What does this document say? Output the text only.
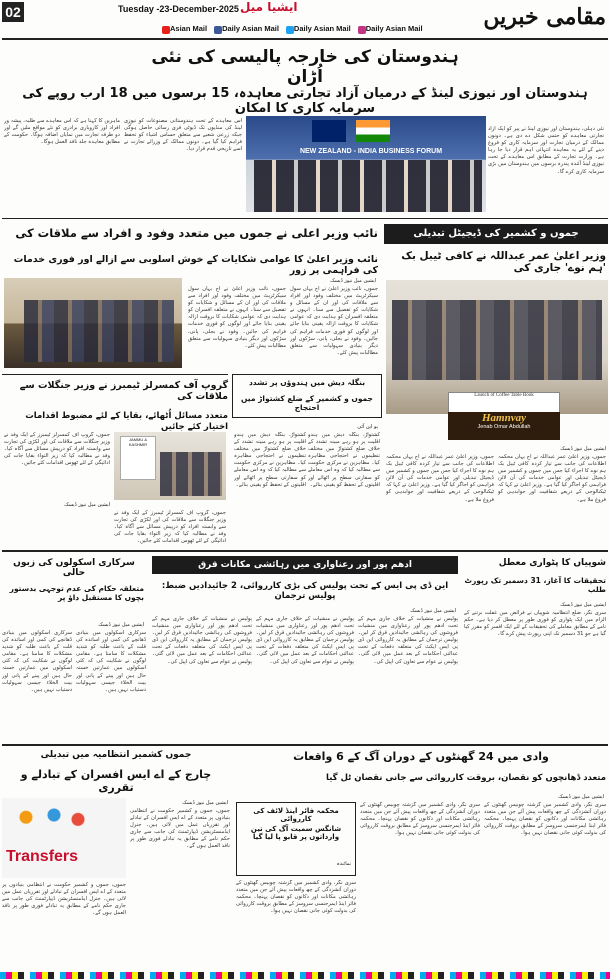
02	Tuesday -23-December-2025 ایشیا میل	مقامی خبریں
Asian Mail	Daily Asian Mail	Daily Asian Mail	Daily Asian Mail
ہندوستان کی خارجہ پالیسی کی نئی اُڑان
ہندوستان اور نیوزی لینڈ کے درمیان آزاد تجارتی معاہدہ، 15 برسوں میں 18 ارب روپے کی سرمایہ کاری کا امکان
نئی دہلی، ہندوستان اور نیوزی لینڈ نے پیر کو ایک آزاد تجارتی معاہدے کو حتمی شکل دے دی ہے۔ دونوں ممالک کے درمیان تجارت اور سرمایہ کاری کو فروغ دینے کے لئے یہ معاہدہ انتہائی اہم قرار دیا جا رہا ہے۔ وزارت تجارت کے مطابق اس معاہدے کے تحت نیوزی لینڈ آئندہ پندرہ برسوں میں ہندوستان میں بڑی سرمایہ کاری کرے گا۔
NEW ZEALAND - INDIA BUSINESS FORUM
اس معاہدے کے تحت ہندوستانی مصنوعات کو نیوزی لینڈ کی منڈیوں تک ڈیوٹی فری رسائی حاصل ہوگی جبکہ زرعی شعبے سے متعلق حساس اشیاء کو تحفظ فراہم کیا گیا ہے۔ دونوں ممالک کے وزرائے تجارت نے اسے تاریخی قدم قرار دیا۔
ماہرین کا کہنا ہے کہ اس معاہدے سے طلبہ، پیشہ ور افراد اور کاروباری برادری کو نئے مواقع ملیں گے اور دو طرفہ تجارت میں نمایاں اضافہ ہوگا۔ حکومت کے مطابق معاہدہ جلد نافذ العمل ہوگا۔
نائب وزیر اعلی نے جموں میں متعدد وفود و افراد سے ملاقات کی
نائب وزیر اعلیٰ کا عوامی شکایات کے خوش اسلوبی سے ازالے اور فوری خدمات کی فراہمی پر زور
ایشین میل نیوز ڈیسک
جموں، نائب وزیر اعلیٰ نے آج یہاں سول سیکرٹریٹ میں مختلف وفود اور افراد سے ملاقات کی اور ان کے مسائل و شکایات کو تفصیل سے سنا۔ انہوں نے متعلقہ افسران کو ہدایت دی کہ عوامی شکایات کا بروقت ازالہ یقینی بنایا جائے اور لوگوں کو فوری خدمات فراہم کی جائیں۔ وفود نے بجلی، پانی، سڑکوں اور دیگر بنیادی سہولیات سے متعلق مطالبات پیش کئے۔
جموں، نائب وزیر اعلیٰ نے آج یہاں سول سیکرٹریٹ میں مختلف وفود اور افراد سے ملاقات کی اور ان کے مسائل و شکایات کو تفصیل سے سنا۔ انہوں نے متعلقہ افسران کو ہدایت دی کہ عوامی شکایات کا بروقت ازالہ یقینی بنایا جائے اور لوگوں کو فوری خدمات فراہم کی جائیں۔ وفود نے بجلی، پانی، سڑکوں اور دیگر بنیادی سہولیات سے متعلق مطالبات پیش کئے۔
جموں و کشمیر کی ڈیجیٹل تبدیلی
وزیر اعلیٰ عمر عبداللہ نے کافی ٹیبل بک 'ہم نوے' جاری کی
Launch of Coffee Table Book
Hamnvay
Jenab Omar Abdullah
ایشین میل نیوز ڈیسک
جموں، وزیر اعلیٰ عمر عبداللہ نے آج یہاں محکمہ اطلاعات کی جانب سے تیار کردہ کافی ٹیبل بک ہم نوے کا اجراء کیا جس میں جموں و کشمیر میں ڈیجیٹل تبدیلی اور عوامی خدمات کی آن لائن فراہمی کو اجاگر کیا گیا ہے۔ وزیر اعلیٰ نے کہا کہ ٹیکنالوجی کے ذریعے شفافیت اور جوابدہی کو فروغ ملا ہے۔
جموں، وزیر اعلیٰ عمر عبداللہ نے آج یہاں محکمہ اطلاعات کی جانب سے تیار کردہ کافی ٹیبل بک ہم نوے کا اجراء کیا جس میں جموں و کشمیر میں ڈیجیٹل تبدیلی اور عوامی خدمات کی آن لائن فراہمی کو اجاگر کیا گیا ہے۔ وزیر اعلیٰ نے کہا کہ ٹیکنالوجی کے ذریعے شفافیت اور جوابدہی کو فروغ ملا ہے۔
گروپ آف کمسرلز ٹیمبرز نے وزیر جنگلات سے ملاقات کی
متعدد مسائل اُٹھائے، بقایا کے لئے مضبوط اقدامات اختیار کئے جائیں
JAMMU & KASHMIR
ایشین میل نیوز ڈیسک
جموں، گروپ آف کمسرلز ٹیمبرز کے ایک وفد نے وزیر جنگلات سے ملاقات کی اور لکڑی کی تجارت سے وابستہ افراد کو درپیش مسائل سے آگاہ کیا۔ وفد نے مطالبہ کیا کہ زیر التواء بقایا جات کی ادائیگی کے لئے ٹھوس اقدامات کئے جائیں۔
جموں، گروپ آف کمسرلز ٹیمبرز کے ایک وفد نے وزیر جنگلات سے ملاقات کی اور لکڑی کی تجارت سے وابستہ افراد کو درپیش مسائل سے آگاہ کیا۔ وفد نے مطالبہ کیا کہ زیر التواء بقایا جات کی ادائیگی کے لئے ٹھوس اقدامات کئے جائیں۔
بنگلہ دیش میں ہندوؤں پر تشدد
جموں و کشمیر کے ضلع کشتواڑ میں احتجاج
یو این آئی
کشتواڑ، بنگلہ دیش میں ہندو اقلیت پر ہو رہے مبینہ تشدد کے خلاف ضلع کشتواڑ میں مختلف تنظیموں نے احتجاجی مظاہرہ کیا۔ مظاہرین نے مرکزی حکومت سے مطالبہ کیا کہ وہ اس معاملے کو سفارتی سطح پر اٹھائے اور اقلیتوں کے تحفظ کو یقینی بنائے۔
کشتواڑ، بنگلہ دیش میں ہندو اقلیت پر ہو رہے مبینہ تشدد کے خلاف ضلع کشتواڑ میں مختلف تنظیموں نے احتجاجی مظاہرہ کیا۔ مظاہرین نے مرکزی حکومت سے مطالبہ کیا کہ وہ اس معاملے کو سفارتی سطح پر اٹھائے اور اقلیتوں کے تحفظ کو یقینی بنائے۔
سرکاری اسکولوں کی زبوں حالی
متعلقہ حکام کی عدم توجہی بدستور بچوں کا مستقبل داؤ پر
ایشین میل نیوز ڈیسک
سرکاری اسکولوں میں بنیادی ڈھانچے کی کمی اور اساتذہ کی قلت کے باعث طلبہ کو شدید مشکلات کا سامنا ہے۔ مقامی لوگوں نے شکایت کی کہ کئی اسکولوں میں عمارتیں خستہ حال ہیں اور پینے کے پانی اور بیت الخلاء جیسی سہولیات دستیاب نہیں ہیں۔
سرکاری اسکولوں میں بنیادی ڈھانچے کی کمی اور اساتذہ کی قلت کے باعث طلبہ کو شدید مشکلات کا سامنا ہے۔ مقامی لوگوں نے شکایت کی کہ کئی اسکولوں میں عمارتیں خستہ حال ہیں اور پینے کے پانی اور بیت الخلاء جیسی سہولیات دستیاب نہیں ہیں۔
ادھم پور اور رعناواری میں رہائشی مکانات قرق
این ڈی پی ایس کے تحت پولیس کی بڑی کارروائی، 2 جائیدادیں ضبط: پولیس ترجمان
ایشین میل نیوز ڈیسک
پولیس نے منشیات کے خلاف جاری مہم کے تحت ادھم پور اور رعناواری میں منشیات فروشوں کی رہائشی جائیدادیں قرق کر لیں۔ پولیس ترجمان کے مطابق یہ کارروائی این ڈی پی ایس ایکٹ کی متعلقہ دفعات کے تحت عدالتی احکامات کے بعد عمل میں لائی گئی۔ پولیس نے عوام سے تعاون کی اپیل کی۔
پولیس نے منشیات کے خلاف جاری مہم کے تحت ادھم پور اور رعناواری میں منشیات فروشوں کی رہائشی جائیدادیں قرق کر لیں۔ پولیس ترجمان کے مطابق یہ کارروائی این ڈی پی ایس ایکٹ کی متعلقہ دفعات کے تحت عدالتی احکامات کے بعد عمل میں لائی گئی۔ پولیس نے عوام سے تعاون کی اپیل کی۔
پولیس نے منشیات کے خلاف جاری مہم کے تحت ادھم پور اور رعناواری میں منشیات فروشوں کی رہائشی جائیدادیں قرق کر لیں۔ پولیس ترجمان کے مطابق یہ کارروائی این ڈی پی ایس ایکٹ کی متعلقہ دفعات کے تحت عدالتی احکامات کے بعد عمل میں لائی گئی۔ پولیس نے عوام سے تعاون کی اپیل کی۔
شوپیاں کا پٹواری معطل
تحقیقات کا آغاز، 31 دسمبر تک رپورٹ طلب
ایشین میل نیوز ڈیسک
سری نگر، ضلع انتظامیہ شوپیاں نے فرائض میں غفلت برتنے کے الزام میں ایک پٹواری کو فوری طور پر معطل کر دیا ہے۔ حکم نامے کے مطابق معاملے کی تحقیقات کے لئے ایک افسر کو مقرر کیا گیا ہے جو 31 دسمبر تک اپنی رپورٹ پیش کرے گا۔
جموں کشمیر انتظامیہ میں تبدیلی
چارج کے اے ایس افسران کے تبادلے و تقرری
Transfers
ایشین میل نیوز ڈیسک
جموں، جموں و کشمیر حکومت نے انتظامی بنیادوں پر متعدد کے اے ایس افسران کے تبادلے اور تقرریاں عمل میں لائی ہیں۔ جنرل ایڈمنسٹریشن ڈیپارٹمنٹ کی جانب سے جاری حکم نامے کے مطابق یہ تبادلے فوری طور پر نافذ العمل ہوں گے۔
جموں، جموں و کشمیر حکومت نے انتظامی بنیادوں پر متعدد کے اے ایس افسران کے تبادلے اور تقرریاں عمل میں لائی ہیں۔ جنرل ایڈمنسٹریشن ڈیپارٹمنٹ کی جانب سے جاری حکم نامے کے مطابق یہ تبادلے فوری طور پر نافذ العمل ہوں گے۔
وادی میں 24 گھنٹوں کے دوران آگ کے 6 واقعات
متعدد ڈھانچوں کو نقصان، بروقت کارروائی سے جانی نقصان ٹل گیا
ایشین میل نیوز ڈیسک
سری نگر، وادی کشمیر میں گزشتہ چوبیس گھنٹوں کے دوران آتشزدگی کے چھ واقعات پیش آئے جن میں متعدد رہائشی مکانات اور دکانوں کو نقصان پہنچا۔ محکمہ فائر اینڈ ایمرجنسی سروسز کے مطابق بروقت کارروائی کی بدولت کوئی جانی نقصان نہیں ہوا۔
سری نگر، وادی کشمیر میں گزشتہ چوبیس گھنٹوں کے دوران آتشزدگی کے چھ واقعات پیش آئے جن میں متعدد رہائشی مکانات اور دکانوں کو نقصان پہنچا۔ محکمہ فائر اینڈ ایمرجنسی سروسز کے مطابق بروقت کارروائی کی بدولت کوئی جانی نقصان نہیں ہوا۔
محکمہ فائر اینڈ لائف کی کارروائی
شانگس سمیت آگ کی تین وارداتوں پر قابو پا لیا گیا
نمائندہ
سری نگر، وادی کشمیر میں گزشتہ چوبیس گھنٹوں کے دوران آتشزدگی کے چھ واقعات پیش آئے جن میں متعدد رہائشی مکانات اور دکانوں کو نقصان پہنچا۔ محکمہ فائر اینڈ ایمرجنسی سروسز کے مطابق بروقت کارروائی کی بدولت کوئی جانی نقصان نہیں ہوا۔
